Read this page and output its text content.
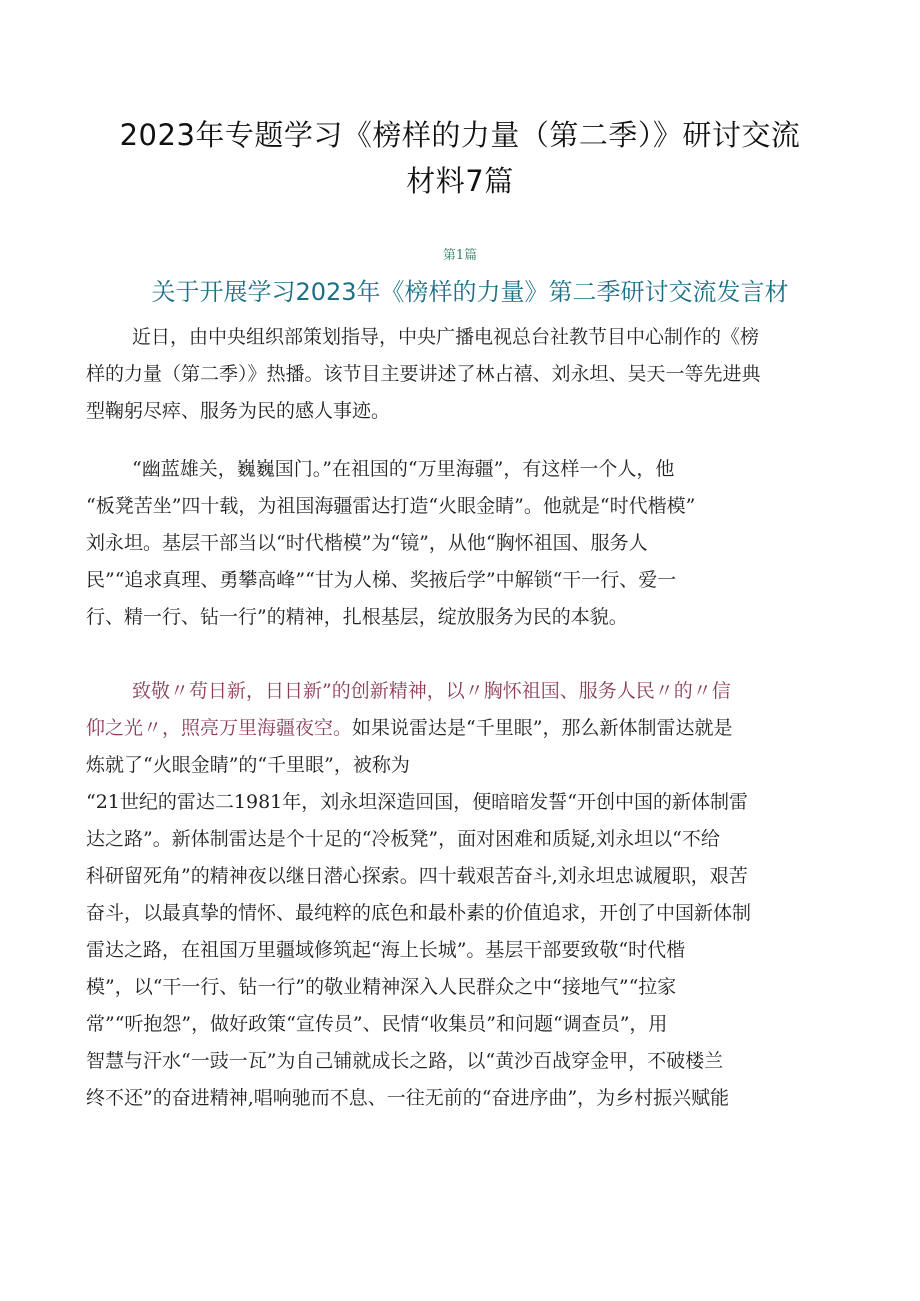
2023年专题学习《榜样的力量（第二季）》研讨交流
材料7篇
第1篇
关于开展学习2023年《榜样的力量》第二季研讨交流发言材
近日，由中央组织部策划指导，中央广播电视总台社教节目中心制作的《榜
样的力量（第二季）》热播。该节目主要讲述了林占禧、刘永坦、吴天一等先进典
型鞠躬尽瘁、服务为民的感人事迹。
“幽蓝雄关，巍巍国门。”在祖国的“万里海疆”，有这样一个人，他
“板凳苦坐”四十载，为祖国海疆雷达打造“火眼金睛”。他就是“时代楷模”
刘永坦。基层干部当以“时代楷模”为“镜”，从他“胸怀祖国、服务人
民”“追求真理、勇攀高峰”“甘为人梯、奖掖后学”中解锁“干一行、爱一
行、精一行、钻一行”的精神，扎根基层，绽放服务为民的本貌。
致敬〃苟日新，日日新”的创新精神，以〃胸怀祖国、服务人民〃的〃信
仰之光〃，照亮万里海疆夜空。如果说雷达是“千里眼”，那么新体制雷达就是
炼就了“火眼金睛”的“千里眼”，被称为
“21世纪的雷达二1981年，刘永坦深造回国，便暗暗发誓“开创中国的新体制雷
达之路”。新体制雷达是个十足的“冷板凳”，面对困难和质疑,刘永坦以“不给
科研留死角”的精神夜以继日潜心探索。四十载艰苦奋斗,刘永坦忠诚履职，艰苦
奋斗，以最真挚的情怀、最纯粹的底色和最朴素的价值追求，开创了中国新体制
雷达之路，在祖国万里疆域修筑起“海上长城”。基层干部要致敬“时代楷
模”，以“干一行、钻一行”的敬业精神深入人民群众之中“接地气”“拉家
常”“听抱怨”，做好政策“宣传员”、民情“收集员”和问题“调查员”，用
智慧与汗水“一豉一瓦”为自己铺就成长之路，以“黄沙百战穿金甲，不破楼兰
终不还”的奋进精神,唱响驰而不息、一往无前的“奋进序曲”，为乡村振兴赋能
